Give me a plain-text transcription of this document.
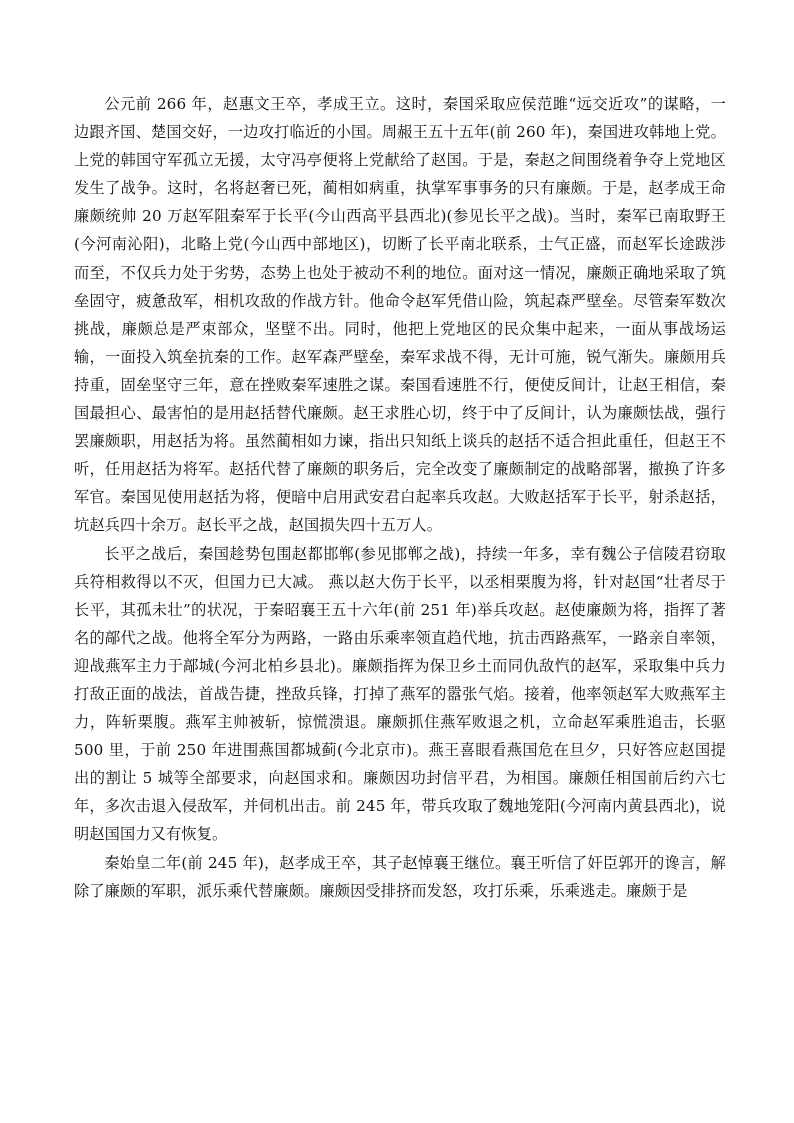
公元前 266 年，赵惠文王卒，孝成王立。这时，秦国采取应侯范雎“远交近攻”的谋略，一边跟齐国、楚国交好，一边攻打临近的小国。周赧王五十五年(前 260 年)，秦国进攻韩地上党。上党的韩国守军孤立无援，太守冯亭便将上党献给了赵国。于是，秦赵之间围绕着争夺上党地区发生了战争。这时，名将赵奢已死，蔺相如病重，执掌军事事务的只有廉颇。于是，赵孝成王命廉颇统帅 20 万赵军阻秦军于长平(今山西高平县西北)(参见长平之战)。当时，秦军已南取野王(今河南沁阳)，北略上党(今山西中部地区)，切断了长平南北联系，士气正盛，而赵军长途跋涉而至，不仅兵力处于劣势，态势上也处于被动不利的地位。面对这一情况，廉颇正确地采取了筑垒固守，疲惫敌军，相机攻敌的作战方针。他命令赵军凭借山险，筑起森严壁垒。尽管秦军数次挑战，廉颇总是严束部众，坚壁不出。同时，他把上党地区的民众集中起来，一面从事战场运输，一面投入筑垒抗秦的工作。赵军森严壁垒，秦军求战不得，无计可施，锐气渐失。廉颇用兵持重，固垒坚守三年，意在挫败秦军速胜之谋。秦国看速胜不行，便使反间计，让赵王相信，秦国最担心、最害怕的是用赵括替代廉颇。赵王求胜心切，终于中了反间计，认为廉颇怯战，强行罢廉颇职，用赵括为将。虽然蔺相如力谏，指出只知纸上谈兵的赵括不适合担此重任，但赵王不听，任用赵括为将军。赵括代替了廉颇的职务后，完全改变了廉颇制定的战略部署，撤换了许多军官。秦国见使用赵括为将，便暗中启用武安君白起率兵攻赵。大败赵括军于长平，射杀赵括，坑赵兵四十余万。赵长平之战，赵国损失四十五万人。

长平之战后，秦国趁势包围赵都邯郸(参见邯郸之战)，持续一年多，幸有魏公子信陵君窃取兵符相救得以不灭，但国力已大减。 燕以赵大伤于长平，以丞相栗腹为将，针对赵国“壮者尽于长平，其孤未壮”的状况，于秦昭襄王五十六年(前 251 年)举兵攻赵。赵使廉颇为将，指挥了著名的鄗代之战。他将全军分为两路，一路由乐乘率领直趋代地，抗击西路燕军，一路亲自率领，迎战燕军主力于鄗城(今河北柏乡县北)。廉颇指挥为保卫乡土而同仇敌忾的赵军，采取集中兵力打敌正面的战法，首战告捷，挫敌兵锋，打掉了燕军的嚣张气焰。接着，他率领赵军大败燕军主力，阵斩栗腹。燕军主帅被斩，惊慌溃退。廉颇抓住燕军败退之机，立命赵军乘胜追击，长驱 500 里，于前 250 年进围燕国都城蓟(今北京市)。燕王喜眼看燕国危在旦夕，只好答应赵国提出的割让 5 城等全部要求，向赵国求和。廉颇因功封信平君，为相国。廉颇任相国前后约六七年，多次击退入侵敌军，并伺机出击。前 245 年，带兵攻取了魏地笼阳(今河南内黄县西北)，说明赵国国力又有恢复。

秦始皇二年(前 245 年)，赵孝成王卒，其子赵悼襄王继位。襄王听信了奸臣郭开的谗言，解除了廉颇的军职，派乐乘代替廉颇。廉颇因受排挤而发怒，攻打乐乘，乐乘逃走。廉颇于是
